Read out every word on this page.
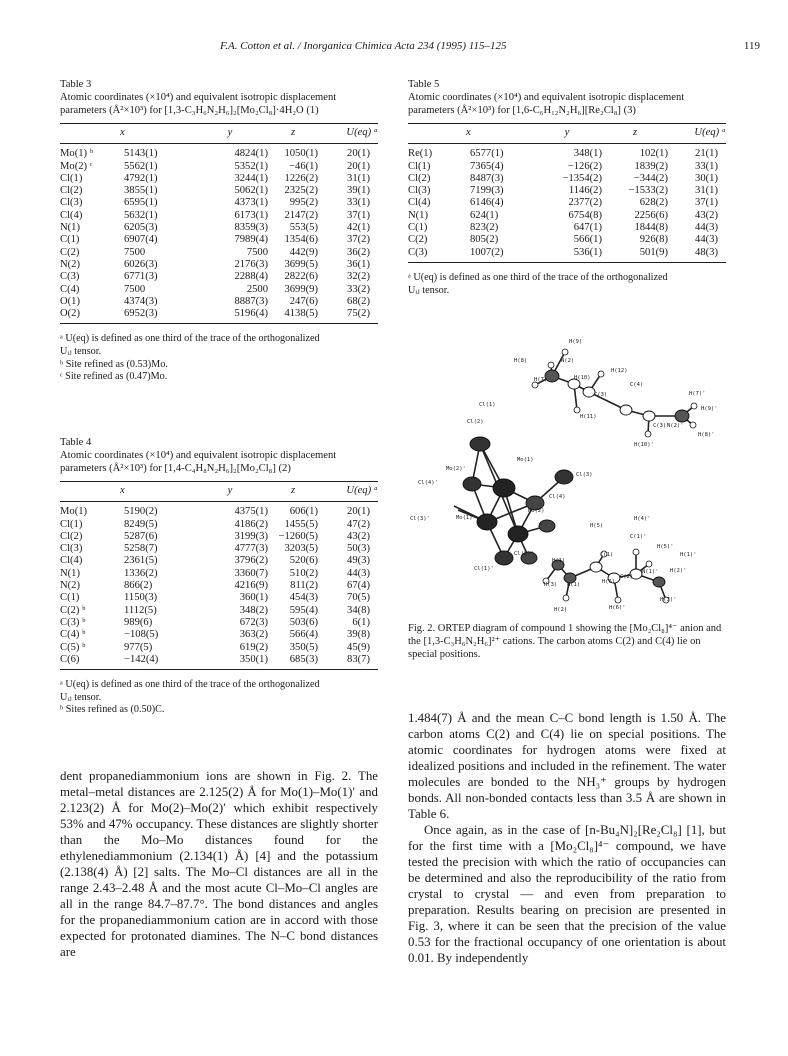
F.A. Cotton et al. / Inorganica Chimica Acta 234 (1995) 115–125	119
Table 3
Atomic coordinates (×10⁴) and equivalent isotropic displacement parameters (Å²×10³) for [1,3-C₃H₆N₂H₆]₂[Mo₂Cl₈]·4H₂O (1)
	x	y	z	U(eq) ᵃ
Mo(1) ᵇ	5143(1)	4824(1)	1050(1)	20(1)
Mo(2) ᶜ	5562(1)	5352(1)	−46(1)	20(1)
Cl(1)	4792(1)	3244(1)	1226(2)	31(1)
Cl(2)	3855(1)	5062(1)	2325(2)	39(1)
Cl(3)	6595(1)	4373(1)	995(2)	33(1)
Cl(4)	5632(1)	6173(1)	2147(2)	37(1)
N(1)	6205(3)	8359(3)	553(5)	42(1)
C(1)	6907(4)	7989(4)	1354(6)	37(2)
C(2)	7500	7500	442(9)	36(2)
N(2)	6026(3)	2176(3)	3699(5)	36(1)
C(3)	6771(3)	2288(4)	2822(6)	32(2)
C(4)	7500	2500	3699(9)	33(2)
O(1)	4374(3)	8887(3)	247(6)	68(2)
O(2)	6952(3)	5196(4)	4138(5)	75(2)
ᵃ U(eq) is defined as one third of the trace of the orthogonalized
Uᵢⱼ tensor.
ᵇ Site refined as (0.53)Mo.
ᶜ Site refined as (0.47)Mo.
Table 4
Atomic coordinates (×10⁴) and equivalent isotropic displacement parameters (Å²×10³) for [1,4-C₄H₈N₂H₆]₂[Mo₂Cl₈] (2)
	x	y	z	U(eq) ᵃ
Mo(1)	5190(2)	4375(1)	606(1)	20(1)
Cl(1)	8249(5)	4186(2)	1455(5)	47(2)
Cl(2)	5287(6)	3199(3)	−1260(5)	43(2)
Cl(3)	5258(7)	4777(3)	3203(5)	50(3)
Cl(4)	2361(5)	3796(2)	520(6)	49(3)
N(1)	1336(2)	3360(7)	510(2)	44(3)
N(2)	866(2)	4216(9)	811(2)	67(4)
C(1)	1150(3)	360(1)	454(3)	70(5)
C(2) ᵇ	1112(5)	348(2)	595(4)	34(8)
C(3) ᵇ	989(6)	672(3)	503(6)	6(1)
C(4) ᵇ	−108(5)	363(2)	566(4)	39(8)
C(5) ᵇ	977(5)	619(2)	350(5)	45(9)
C(6)	−142(4)	350(1)	685(3)	83(7)
ᵃ U(eq) is defined as one third of the trace of the orthogonalized
Uᵢⱼ tensor.
ᵇ Sites refined as (0.50)C.
Table 5
Atomic coordinates (×10⁴) and equivalent isotropic displacement parameters (Å²×10³) for [1,6-C₆H₁₂N₂H₆][Re₂Cl₈] (3)
	x	y	z	U(eq) ᵃ
Re(1)	6577(1)	348(1)	102(1)	21(1)
Cl(1)	7365(4)	−126(2)	1839(2)	33(1)
Cl(2)	8487(3)	−1354(2)	−344(2)	30(1)
Cl(3)	7199(3)	1146(2)	−1533(2)	31(1)
Cl(4)	6146(4)	2377(2)	628(2)	37(1)
N(1)	624(1)	6754(8)	2256(6)	43(2)
C(1)	823(2)	647(1)	1844(8)	44(3)
C(2)	805(2)	566(1)	926(8)	44(3)
C(3)	1007(2)	536(1)	501(9)	48(3)
ᵃ U(eq) is defined as one third of the trace of the orthogonalized
Uᵢⱼ tensor.
H(9)
H(8)	N(2)
H(12)
H(7)	H(10)
C(4)
H(7)'
C(3)
H(9)'
Cl(1)
H(11)
C(3)'
N(2)'
Cl(2)
H(8)'
H(10)'
Mo(1)
Mo(2)'
Cl(3)
Cl(4)'
Cl(4)
Cl(3)'	Mo(1)'
Mo(2)
H(4)'
H(5)
C(1)'
H(5)'
Cl(2)'
H(1)
C(1)	H(1)'
Cl(1)'
C(2)
H(2)'
H(3) N(1)	H(6)
N(1)'
H(3)'
H(2)	H(6)'
Fig. 2. ORTEP diagram of compound 1 showing the [Mo₂Cl₈]⁴⁻ anion and the [1,3-C₃H₆N₂H₆]²⁺ cations. The carbon atoms C(2) and C(4) lie on special positions.

dent propanediammonium ions are shown in Fig. 2. The metal–metal distances are 2.125(2) Å for Mo(1)–Mo(1)′ and 2.123(2) Å for Mo(2)–Mo(2)′ which exhibit respectively 53% and 47% occupancy. These distances are slightly shorter than the Mo–Mo distances found for the ethylenediammonium (2.134(1) Å) [4] and the potassium (2.138(4) Å) [2] salts. The Mo–Cl distances are all in the range 2.43–2.48 Å and the most acute Cl–Mo–Cl angles are all in the range 84.7–87.7°. The bond distances and angles for the propanediammonium cation are in accord with those expected for protonated diamines. The N–C bond distances are

1.484(7) Å and the mean C–C bond length is 1.50 Å. The carbon atoms C(2) and C(4) lie on special positions. The atomic coordinates for hydrogen atoms were fixed at idealized positions and included in the refinement. The water molecules are bonded to the NH₃⁺ groups by hydrogen bonds. All non-bonded contacts less than 3.5 Å are shown in Table 6.

Once again, as in the case of [n-Bu₄N]₂[Re₂Cl₈] [1], but for the first time with a [Mo₂Cl₈]⁴⁻ compound, we have tested the precision with which the ratio of occupancies can be determined and also the reproducibility of the ratio from crystal to crystal — and even from preparation to preparation. Results bearing on precision are presented in Fig. 3, where it can be seen that the precision of the value 0.53 for the fractional occupancy of one orientation is about 0.01. By independently
